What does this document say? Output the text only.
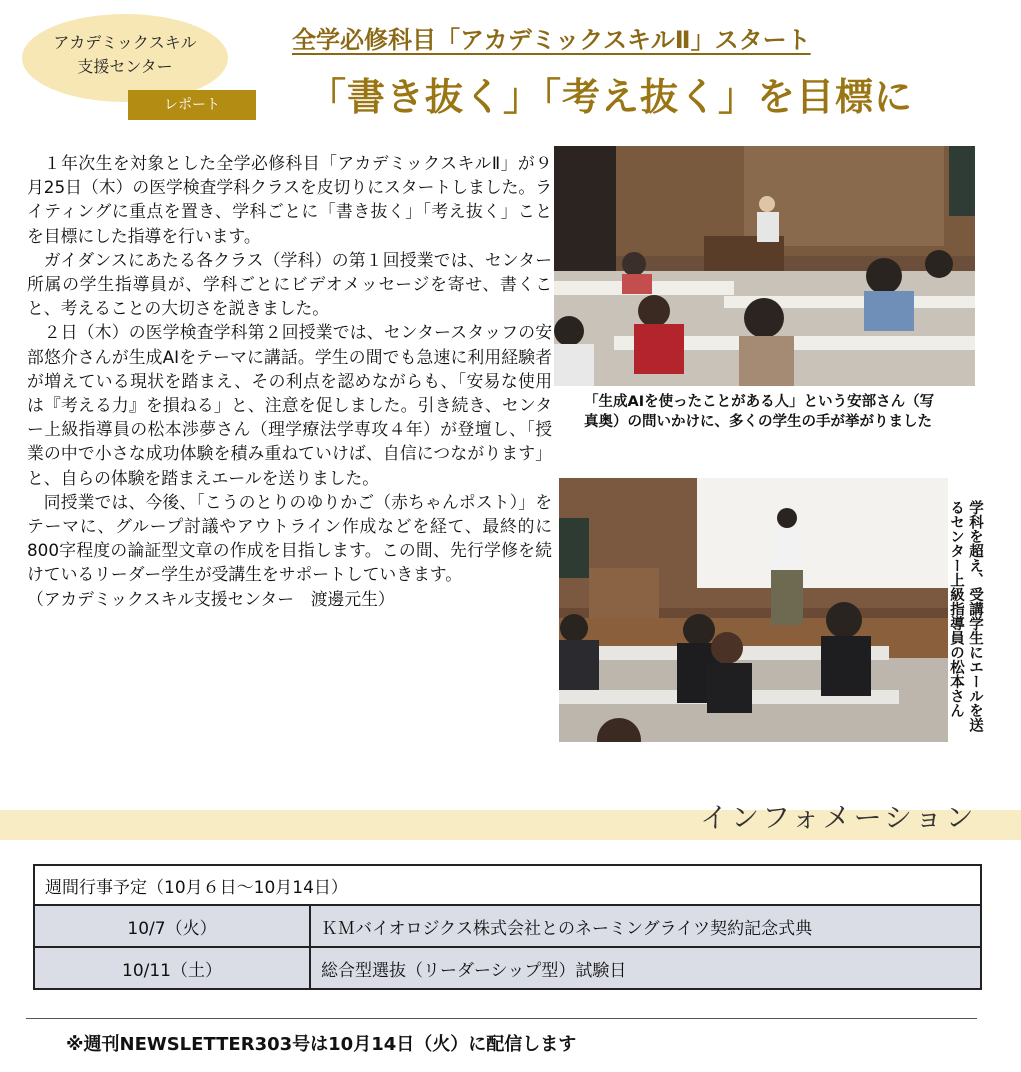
アカデミックスキル
支援センター
レポート
全学必修科目「アカデミックスキルⅡ」スタート
「書き抜く」「考え抜く」を目標に

１年次生を対象とした全学必修科目「アカデミックスキルⅡ」が９月25日（木）の医学検査学科クラスを皮切りにスタートしました。ライティングに重点を置き、学科ごとに「書き抜く」「考え抜く」ことを目標にした指導を行います。

ガイダンスにあたる各クラス（学科）の第１回授業では、センター所属の学生指導員が、学科ごとにビデオメッセージを寄せ、書くこと、考えることの大切さを説きました。

２日（木）の医学検査学科第２回授業では、センタースタッフの安部悠介さんが生成AIをテーマに講話。学生の間でも急速に利用経験者が増えている現状を踏まえ、その利点を認めながらも、「安易な使用は『考える力』を損ねる」と、注意を促しました。引き続き、センター上級指導員の松本渉夢さん（理学療法学専攻４年）が登壇し、「授業の中で小さな成功体験を積み重ねていけば、自信につながります」と、自らの体験を踏まえエールを送りました。

同授業では、今後、「こうのとりのゆりかご（赤ちゃんポスト）」をテーマに、グループ討議やアウトライン作成などを経て、最終的に800字程度の論証型文章の作成を目指します。この間、先行学修を続けているリーダー学生が受講生をサポートしていきます。

（アカデミックスキル支援センター　渡邊元生）

「生成AIを使ったことがある人」という安部さん（写真奥）の問いかけに、多くの学生の手が挙がりました
学科を超え、受講学生にエールを送るセンター上級指導員の松本さん
インフォメーション
週間行事予定（10月６日～10月14日）	
10/7（火）	ＫＭバイオロジクス株式会社とのネーミングライツ契約記念式典
10/11（土）	総合型選抜（リーダーシップ型）試験日
※週刊NEWSLETTER303号は10月14日（火）に配信します
